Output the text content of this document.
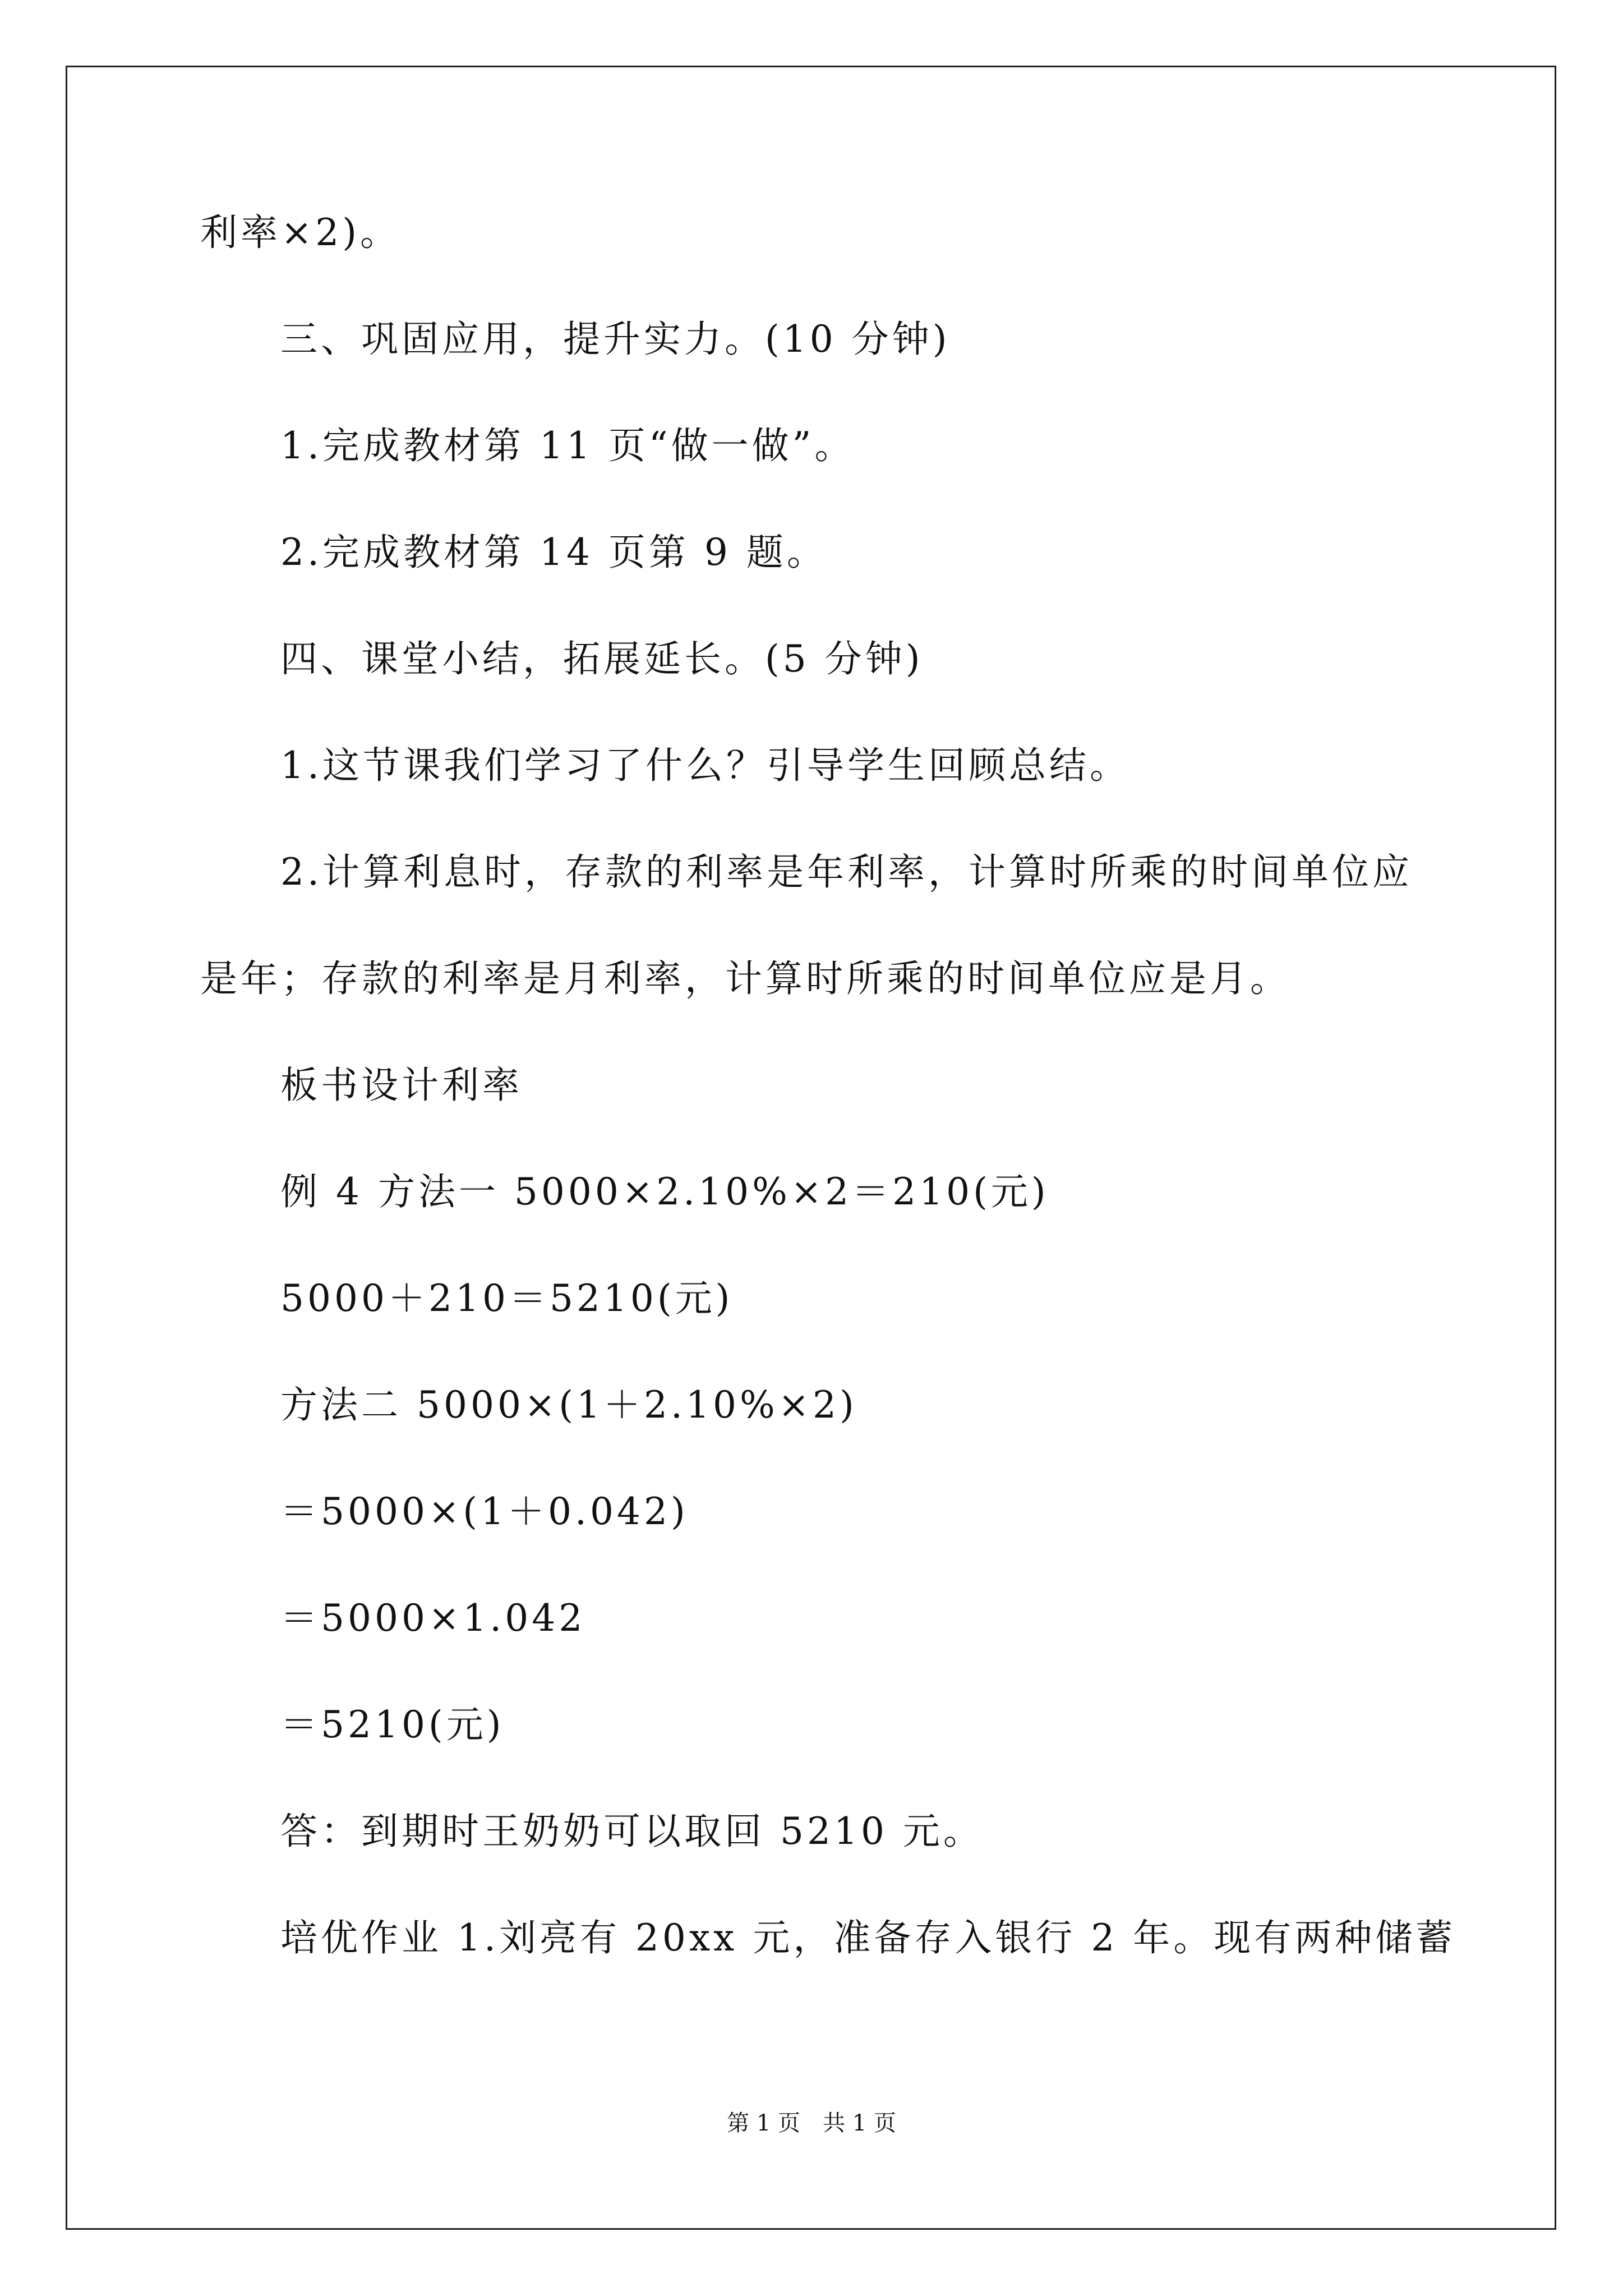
利率×2)。
三、巩固应用，提升实力。(10 分钟)
1.完成教材第 11 页“做一做”。
2.完成教材第 14 页第 9 题。
四、课堂小结，拓展延长。(5 分钟)
1.这节课我们学习了什么？引导学生回顾总结。
2.计算利息时，存款的利率是年利率，计算时所乘的时间单位应
是年；存款的利率是月利率，计算时所乘的时间单位应是月。
板书设计利率
例 4 方法一 5000×2.10%×2＝210(元)
5000＋210＝5210(元)
方法二 5000×(1＋2.10%×2)
＝5000×(1＋0.042)
＝5000×1.042
＝5210(元)
答：到期时王奶奶可以取回 5210 元。
培优作业 1.刘亮有 20xx 元，准备存入银行 2 年。现有两种储蓄
第 1 页　共 1 页
